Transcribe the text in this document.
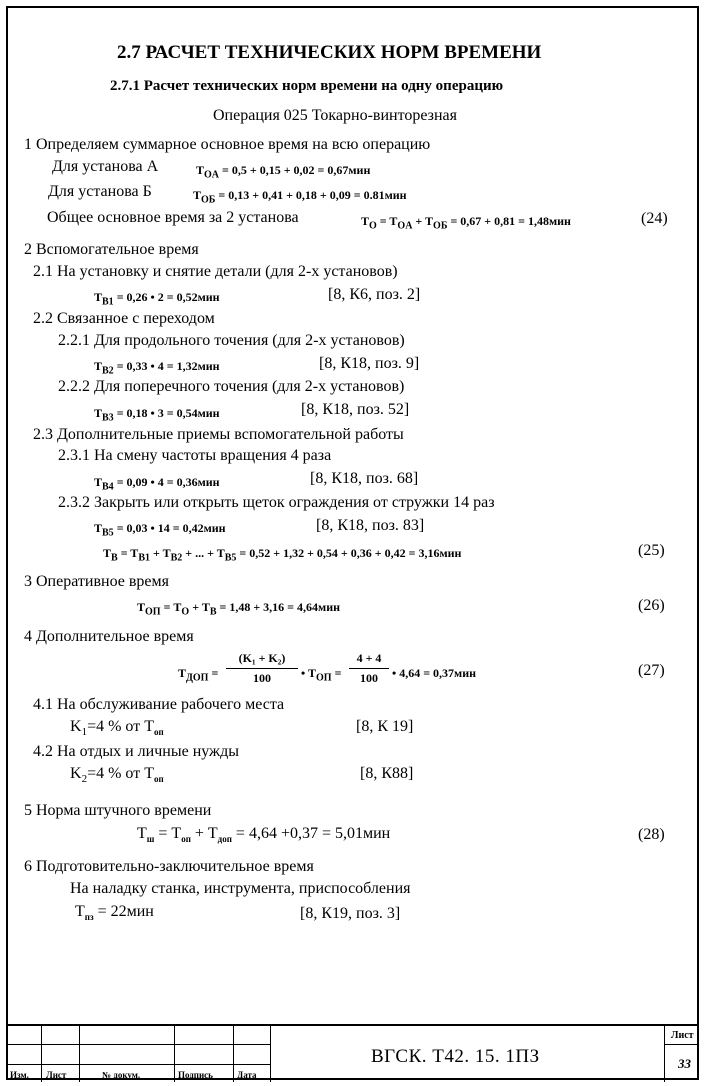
2.7 РАСЧЕТ ТЕХНИЧЕСКИХ НОРМ ВРЕМЕНИ
2.7.1 Расчет технических норм времени на одну операцию
Операция 025 Токарно-винторезная
1 Определяем суммарное основное время на всю операцию
Для установа А	$T_{OA} = 0,5 + 0,15 + 0,02 = 0,67мин$
Для установа Б	$T_{OБ} = 0,13 + 0,41 + 0,18 + 0,09 = 0.81мин$
Общее основное время за 2 установа	$T_O = T_{OA} + T_{OБ} = 0,67 + 0,81 = 1,48мин$	(24)
2 Вспомогательное время
2.1 На установку и снятие детали (для 2-х установов)
$T_{B1} = 0,26$ • 2 = 0,52мин	[8, К6, поз. 2]
2.2 Связанное с переходом
2.2.1 Для продольного точения (для 2-х установов)
$T_{B2} = 0,33$ • 4 = 1,32мин	[8, К18, поз. 9]
2.2.2 Для поперечного точения (для 2-х установов)
$T_{B3} = 0,18$ • 3 = 0,54мин	[8, К18, поз. 52]
2.3 Дополнительные приемы вспомогательной работы
2.3.1 На смену частоты вращения 4 раза
$T_{B4} = 0,09$ • 4 = 0,36мин	[8, К18, поз. 68]
2.3.2 Закрыть или открыть щеток ограждения от стружки 14 раз
$T_{B5} = 0,03$ • 14 = 0,42мин	[8, К18, поз. 83]
$T_B = T_{B1} + T_{B2}$ + ... + $T_{B5} = 0,52 + 1,32 + 0,54 + 0,36 + 0,42 = 3,16мин$	(25)
3 Оперативное время
$T_{OП} = T_O + T_B = 1,48 + 3,16 = 4,64мин$	(26)
4 Дополнительное время
$T_{ДОП} = \frac{\text{(K₁ + K₂)}}{100}$ • $T_{OП} = \frac{4 + 4}{100}$ • 4,64 = 0,37мин	(27)
4.1 На обслуживание рабочего места
$K_1=4$ % от $Т_{оп}$	[8, К 19]
4.2 На отдых и личные нужды
$K_2=4$ % от $Т_{оп}$	[8, К88]
5 Норма штучного времени
$T_ш = T_{оп} + T_{доп} = 4,64 +0,37 = 5,01мин$	(28)
6 Подготовительно-заключительное время
На наладку станка, инструмента, приспособления
$T_{пз} = 22мин$	[8, К19, поз. 3]
Изм. Лист	№ докум.	Подпись	Дата
ВГСК. Т42. 15. 1ПЗ
Лист
33
